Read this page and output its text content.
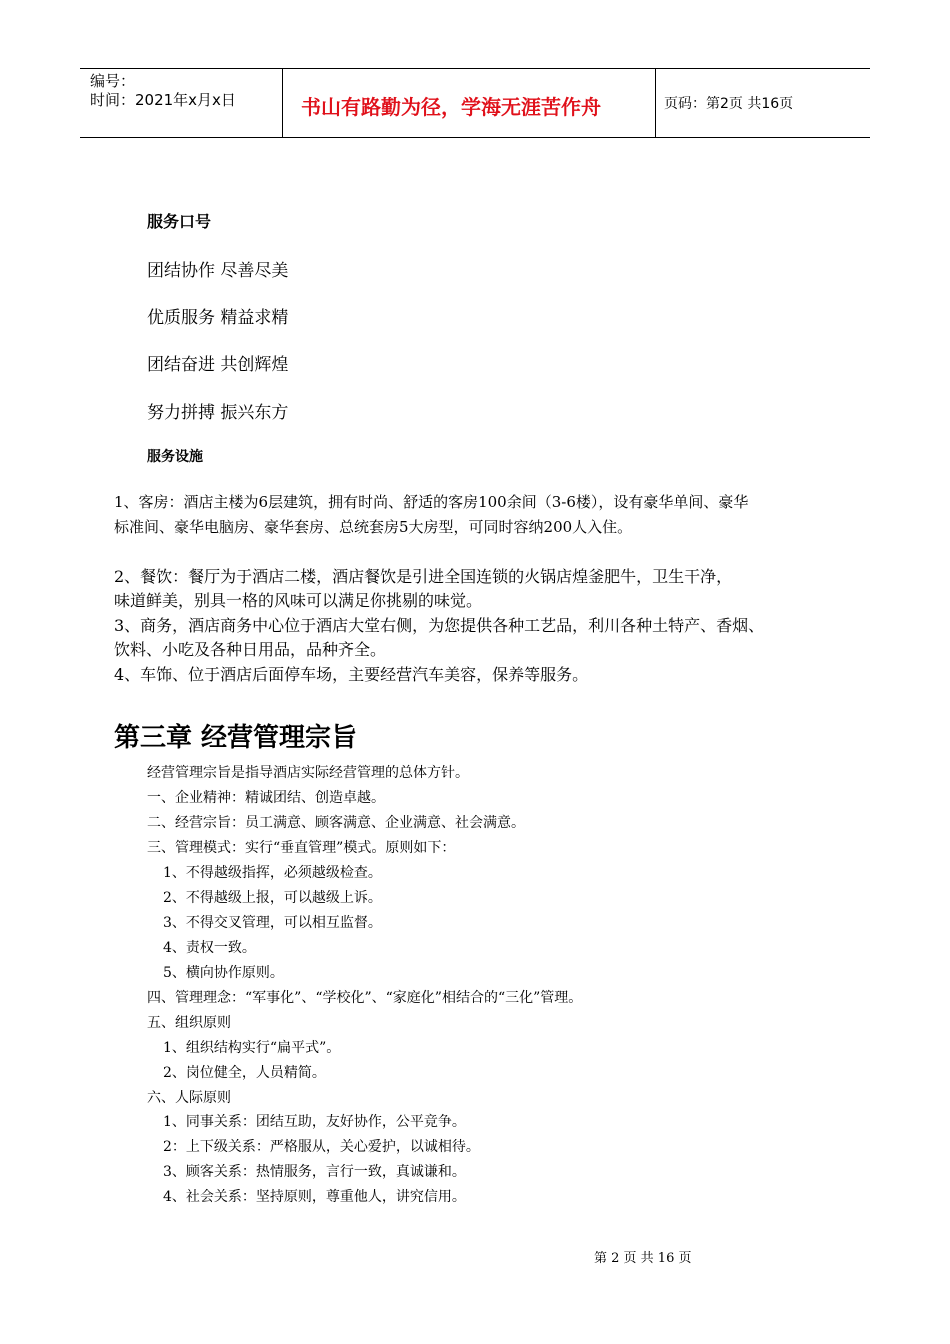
编号：
时间：2021年x月x日	书山有路勤为径，学海无涯苦作舟	页码：第2页 共16页
服务口号
团结协作 尽善尽美
优质服务 精益求精
团结奋进 共创辉煌
努力拼搏 振兴东方
服务设施
1、客房：酒店主楼为6层建筑，拥有时尚、舒适的客房100余间（3-6楼），设有豪华单间、豪华
标准间、豪华电脑房、豪华套房、总统套房5大房型，可同时容纳200人入住。
2、餐饮：餐厅为于酒店二楼，酒店餐饮是引进全国连锁的火锅店煌釜肥牛，卫生干净，
味道鲜美，别具一格的风味可以满足你挑剔的味觉。
3、商务，酒店商务中心位于酒店大堂右侧，为您提供各种工艺品，利川各种土特产、香烟、
饮料、小吃及各种日用品，品种齐全。
4、车饰、位于酒店后面停车场，主要经营汽车美容，保养等服务。
第三章 经营管理宗旨
经营管理宗旨是指导酒店实际经营管理的总体方针。
一、企业精神：精诚团结、创造卓越。
二、经营宗旨：员工满意、顾客满意、企业满意、社会满意。
三、管理模式：实行“垂直管理”模式。原则如下：
1、不得越级指挥，必须越级检查。
2、不得越级上报，可以越级上诉。
3、不得交叉管理，可以相互监督。
4、责权一致。
5、横向协作原则。
四、管理理念：“军事化”、“学校化”、“家庭化”相结合的“三化”管理。
五、组织原则
1、组织结构实行“扁平式”。
2、岗位健全，人员精简。
六、人际原则
1、同事关系：团结互助，友好协作，公平竞争。
2：上下级关系：严格服从，关心爱护，以诚相待。
3、顾客关系：热情服务，言行一致，真诚谦和。
4、社会关系：坚持原则，尊重他人，讲究信用。
第 2 页 共 16 页
